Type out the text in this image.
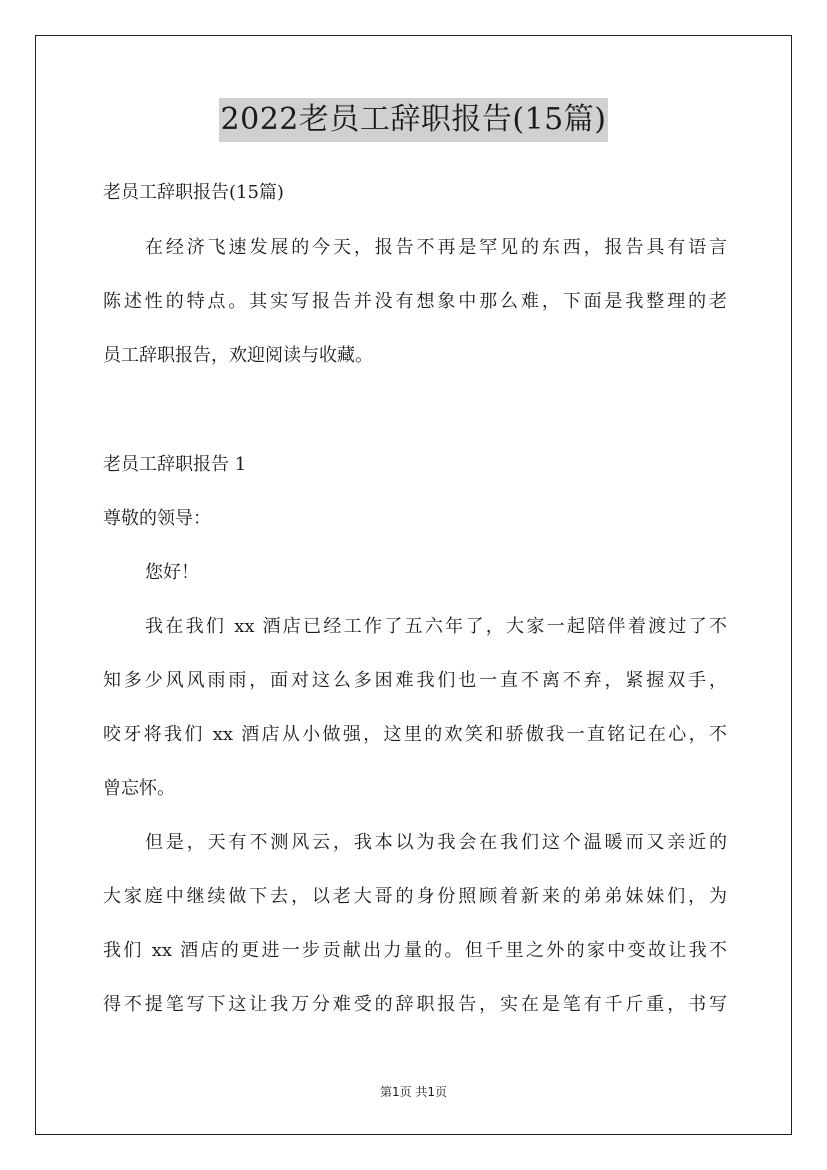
2022老员工辞职报告(15篇)
老员工辞职报告(15篇)
在经济飞速发展的今天，报告不再是罕见的东西，报告具有语言
陈述性的特点。其实写报告并没有想象中那么难，下面是我整理的老
员工辞职报告，欢迎阅读与收藏。
老员工辞职报告 1
尊敬的领导：
您好！
我在我们 xx 酒店已经工作了五六年了，大家一起陪伴着渡过了不
知多少风风雨雨，面对这么多困难我们也一直不离不弃，紧握双手，
咬牙将我们 xx 酒店从小做强，这里的欢笑和骄傲我一直铭记在心，不
曾忘怀。
但是，天有不测风云，我本以为我会在我们这个温暖而又亲近的
大家庭中继续做下去，以老大哥的身份照顾着新来的弟弟妹妹们，为
我们 xx 酒店的更进一步贡献出力量的。但千里之外的家中变故让我不
得不提笔写下这让我万分难受的辞职报告，实在是笔有千斤重，书写
第1页 共1页
